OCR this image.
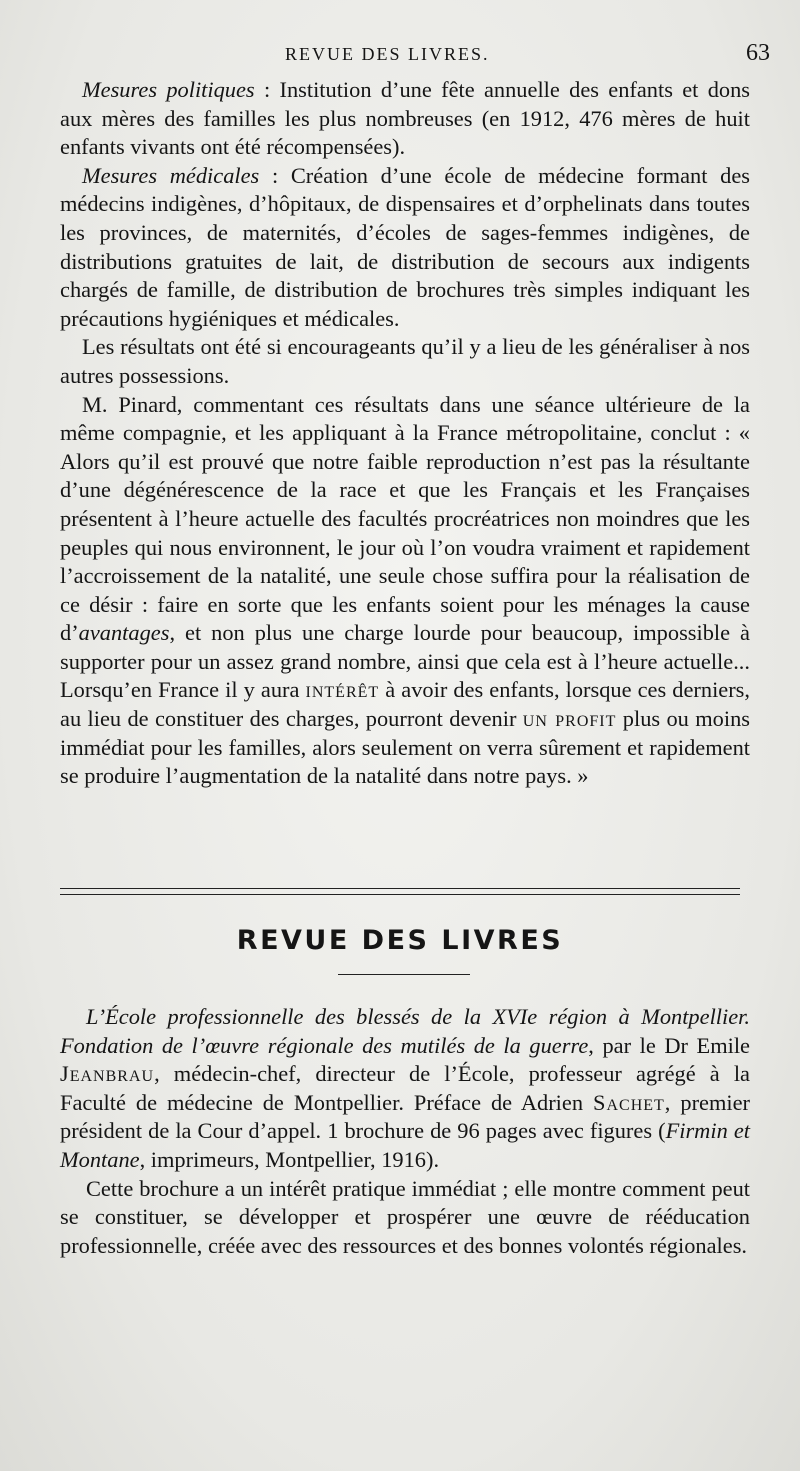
REVUE DES LIVRES.	63

Mesures politiques : Institution d’une fête annuelle des enfants et dons aux mères des familles les plus nombreuses (en 1912, 476 mères de huit enfants vivants ont été récompensées).

Mesures médicales : Création d’une école de médecine formant des médecins indigènes, d’hôpitaux, de dispensaires et d’orphelinats dans toutes les provinces, de maternités, d’écoles de sages-femmes indigènes, de distributions gratuites de lait, de distribution de secours aux indigents chargés de famille, de distribution de brochures très simples indiquant les précautions hygiéniques et médicales.

Les résultats ont été si encourageants qu’il y a lieu de les généraliser à nos autres possessions.

M. Pinard, commentant ces résultats dans une séance ultérieure de la même compagnie, et les appliquant à la France métropolitaine, conclut : « Alors qu’il est prouvé que notre faible reproduction n’est pas la résultante d’une dégénérescence de la race et que les Français et les Françaises présentent à l’heure actuelle des facultés procréatrices non moindres que les peuples qui nous environnent, le jour où l’on voudra vraiment et rapidement l’accroissement de la natalité, une seule chose suffira pour la réalisation de ce désir : faire en sorte que les enfants soient pour les ménages la cause d’avantages, et non plus une charge lourde pour beaucoup, impossible à supporter pour un assez grand nombre, ainsi que cela est à l’heure actuelle... Lorsqu’en France il y aura intérêt à avoir des enfants, lorsque ces derniers, au lieu de constituer des charges, pourront devenir un profit plus ou moins immédiat pour les familles, alors seulement on verra sûrement et rapidement se produire l’augmentation de la natalité dans notre pays. »

REVUE DES LIVRES

L’École professionnelle des blessés de la XVIe région à Montpellier. Fondation de l’œuvre régionale des mutilés de la guerre, par le Dr Emile Jeanbrau, médecin-chef, directeur de l’École, professeur agrégé à la Faculté de médecine de Montpellier. Préface de Adrien Sachet, premier président de la Cour d’appel. 1 brochure de 96 pages avec figures (Firmin et Montane, imprimeurs, Montpellier, 1916).

Cette brochure a un intérêt pratique immédiat ; elle montre comment peut se constituer, se développer et prospérer une œuvre de rééducation professionnelle, créée avec des ressources et des bonnes volontés régionales.
